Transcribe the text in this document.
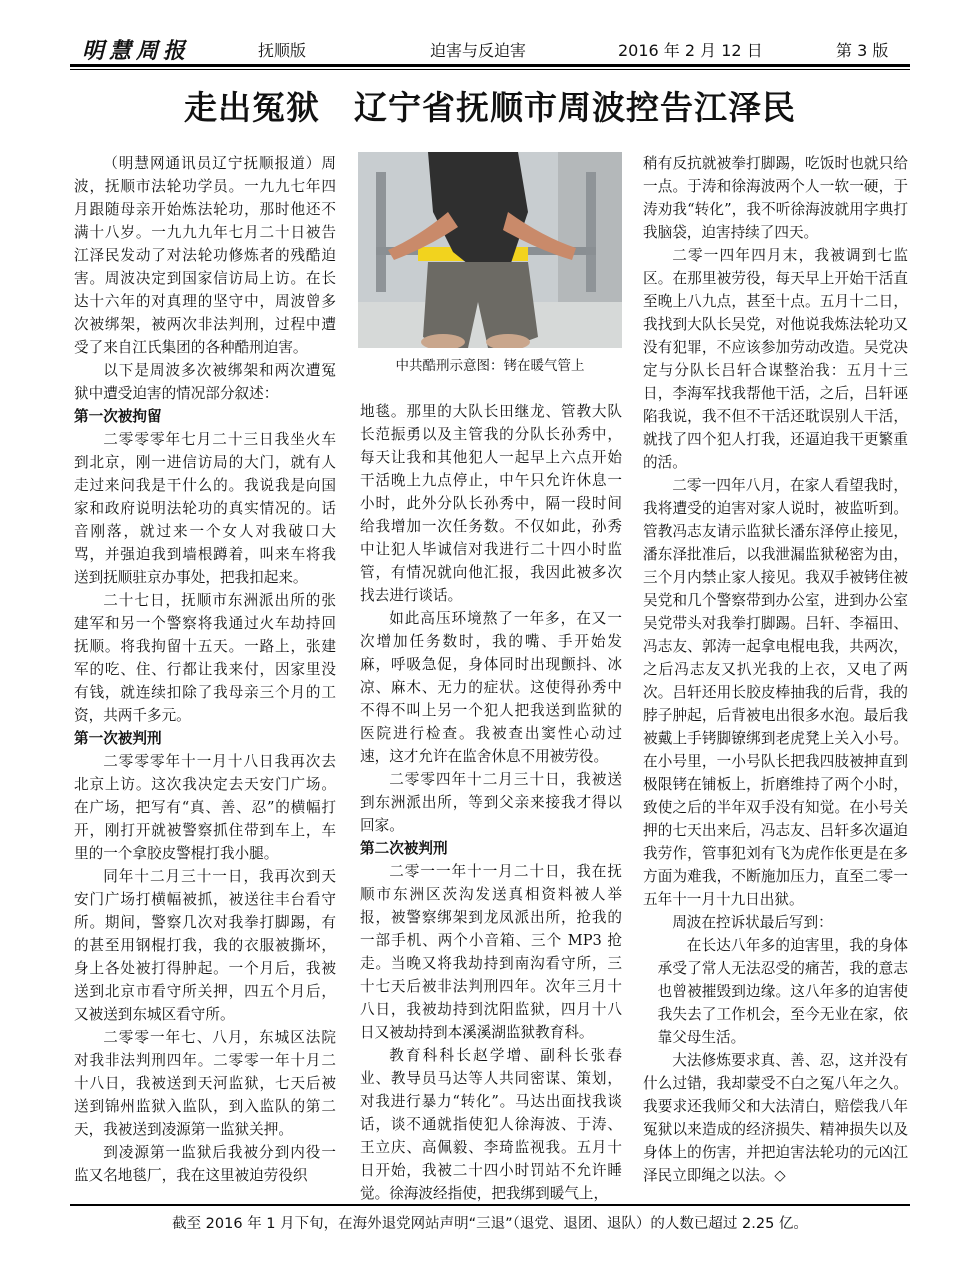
明慧周报	抚顺版	迫害与反迫害	2016 年 2 月 12 日	第 3 版
走出冤狱　辽宁省抚顺市周波控告江泽民

（明慧网通讯员辽宁抚顺报道）周波，抚顺市法轮功学员。一九九七年四月跟随母亲开始炼法轮功，那时他还不满十八岁。一九九九年七月二十日被告江泽民发动了对法轮功修炼者的残酷迫害。周波决定到国家信访局上访。在长达十六年的对真理的坚守中，周波曾多次被绑架，被两次非法判刑，过程中遭受了来自江氏集团的各种酷刑迫害。

以下是周波多次被绑架和两次遭冤狱中遭受迫害的情况部分叙述：

第一次被拘留

二零零零年七月二十三日我坐火车到北京，刚一进信访局的大门，就有人走过来问我是干什么的。我说我是向国家和政府说明法轮功的真实情况的。话音刚落，就过来一个女人对我破口大骂，并强迫我到墙根蹲着，叫来车将我送到抚顺驻京办事处，把我扣起来。

二十七日，抚顺市东洲派出所的张建军和另一个警察将我通过火车劫持回抚顺。将我拘留十五天。一路上，张建军的吃、住、行都让我来付，因家里没有钱，就连续扣除了我母亲三个月的工资，共两千多元。

第一次被判刑

二零零零年十一月十八日我再次去北京上访。这次我决定去天安门广场。在广场，把写有“真、善、忍”的横幅打开，刚打开就被警察抓住带到车上，车里的一个拿胶皮警棍打我小腿。

同年十二月三十一日，我再次到天安门广场打横幅被抓，被送往丰台看守所。期间，警察几次对我拳打脚踢，有的甚至用钢棍打我，我的衣服被撕坏，身上各处被打得肿起。一个月后，我被送到北京市看守所关押，四五个月后，又被送到东城区看守所。

二零零一年七、八月，东城区法院对我非法判刑四年。二零零一年十月二十八日，我被送到天河监狱，七天后被送到锦州监狱入监队，到入监队的第二天，我被送到凌源第一监狱关押。

到凌源第一监狱后我被分到内役一监又名地毯厂，我在这里被迫劳役织

中共酷刑示意图：铐在暖气管上

地毯。那里的大队长田继龙、管教大队长范振勇以及主管我的分队长孙秀中，每天让我和其他犯人一起早上六点开始干活晚上九点停止，中午只允许休息一小时，此外分队长孙秀中，隔一段时间给我增加一次任务数。不仅如此，孙秀中让犯人毕诚信对我进行二十四小时监管，有情况就向他汇报，我因此被多次找去进行谈话。

如此高压环境熬了一年多，在又一次增加任务数时，我的嘴、手开始发麻，呼吸急促，身体同时出现颤抖、冰凉、麻木、无力的症状。这使得孙秀中不得不叫上另一个犯人把我送到监狱的医院进行检查。我被查出窦性心动过速，这才允许在监舍休息不用被劳役。

二零零四年十二月三十日，我被送到东洲派出所，等到父亲来接我才得以回家。

第二次被判刑

二零一一年十一月二十日，我在抚顺市东洲区茨沟发送真相资料被人举报，被警察绑架到龙凤派出所，抢我的一部手机、两个小音箱、三个 MP3 抢走。当晚又将我劫持到南沟看守所，三十七天后被非法判刑四年。次年三月十八日，我被劫持到沈阳监狱，四月十八日又被劫持到本溪溪湖监狱教育科。

教育科科长赵学增、副科长张春业、教导员马达等人共同密谋、策划，对我进行暴力“转化”。马达出面找我谈话，谈不通就指使犯人徐海波、于涛、王立庆、高佩毅、李琦监视我。五月十日开始，我被二十四小时罚站不允许睡觉。徐海波经指使，把我绑到暖气上，

稍有反抗就被拳打脚踢，吃饭时也就只给一点。于涛和徐海波两个人一软一硬，于涛劝我“转化”，我不听徐海波就用字典打我脑袋，迫害持续了四天。

二零一四年四月末，我被调到七监区。在那里被劳役，每天早上开始干活直至晚上八九点，甚至十点。五月十二日，我找到大队长吴党，对他说我炼法轮功又没有犯罪，不应该参加劳动改造。吴党决定与分队长吕轩合谋整治我：五月十三日，李海军找我帮他干活，之后，吕轩诬陷我说，我不但不干活还耽误别人干活，就找了四个犯人打我，还逼迫我干更繁重的活。

二零一四年八月，在家人看望我时，我将遭受的迫害对家人说时，被监听到。管教冯志友请示监狱长潘东泽停止接见，潘东泽批准后，以我泄漏监狱秘密为由，三个月内禁止家人接见。我双手被铐住被吴党和几个警察带到办公室，进到办公室吴党带头对我拳打脚踢。吕轩、李福田、冯志友、郭涛一起拿电棍电我，共两次，之后冯志友又扒光我的上衣，又电了两次。吕轩还用长胶皮棒抽我的后背，我的脖子肿起，后背被电出很多水泡。最后我被戴上手铐脚镣绑到老虎凳上关入小号。在小号里，一小号队长把我四肢被抻直到极限铐在铺板上，折磨维持了两个小时，致使之后的半年双手没有知觉。在小号关押的七天出来后，冯志友、吕轩多次逼迫我劳作，管事犯刘有飞为虎作伥更是在多方面为难我，不断施加压力，直至二零一五年十一月十九日出狱。

周波在控诉状最后写到：

在长达八年多的迫害里，我的身体承受了常人无法忍受的痛苦，我的意志也曾被摧毁到边缘。这八年多的迫害使我失去了工作机会，至今无业在家，依靠父母生活。

大法修炼要求真、善、忍，这并没有什么过错，我却蒙受不白之冤八年之久。我要求还我师父和大法清白，赔偿我八年冤狱以来造成的经济损失、精神损失以及身体上的伤害，并把迫害法轮功的元凶江泽民立即绳之以法。◇

截至 2016 年 1 月下旬，在海外退党网站声明“三退”（退党、退团、退队）的人数已超过 2.25 亿。
